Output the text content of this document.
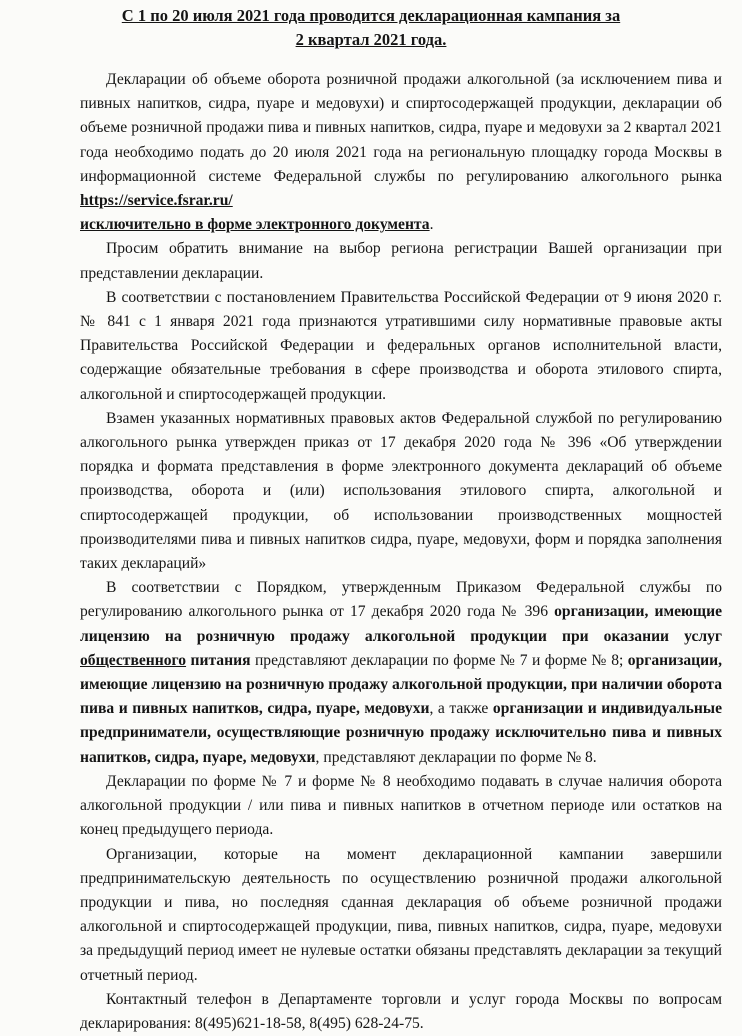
С 1 по 20 июля 2021 года проводится декларационная кампания за
2 квартал 2021 года.

Декларации об объеме оборота розничной продажи алкогольной (за исключением пива и пивных напитков, сидра, пуаре и медовухи) и спиртосодержащей продукции, декларации об объеме розничной продажи пива и пивных напитков, сидра, пуаре и медовухи за 2 квартал 2021 года необходимо подать до 20 июля 2021 года на региональную площадку города Москвы в информационной системе Федеральной службы по регулированию алкогольного рынка https://service.fsrar.ru/
исключительно в форме электронного документа.

Просим обратить внимание на выбор региона регистрации Вашей организации при представлении декларации.

В соответствии с постановлением Правительства Российской Федерации от 9 июня 2020 г. № 841 с 1 января 2021 года признаются утратившими силу нормативные правовые акты Правительства Российской Федерации и федеральных органов исполнительной власти, содержащие обязательные требования в сфере производства и оборота этилового спирта, алкогольной и спиртосодержащей продукции.

Взамен указанных нормативных правовых актов Федеральной службой по регулированию алкогольного рынка утвержден приказ от 17 декабря 2020 года № 396 «Об утверждении порядка и формата представления в форме электронного документа деклараций об объеме производства, оборота и (или) использования этилового спирта, алкогольной и спиртосодержащей продукции, об использовании производственных мощностей производителями пива и пивных напитков сидра, пуаре, медовухи, форм и порядка заполнения таких деклараций»

В соответствии с Порядком, утвержденным Приказом Федеральной службы по регулированию алкогольного рынка от 17 декабря 2020 года № 396 организации, имеющие лицензию на розничную продажу алкогольной продукции при оказании услуг общественного питания представляют декларации по форме № 7 и форме № 8; организации, имеющие лицензию на розничную продажу алкогольной продукции, при наличии оборота пива и пивных напитков, сидра, пуаре, медовухи, а также организации и индивидуальные предприниматели, осуществляющие розничную продажу исключительно пива и пивных напитков, сидра, пуаре, медовухи, представляют декларации по форме № 8.

Декларации по форме № 7 и форме № 8 необходимо подавать в случае наличия оборота алкогольной продукции / или пива и пивных напитков в отчетном периоде или остатков на конец предыдущего периода.

Организации, которые на момент декларационной кампании завершили предпринимательскую деятельность по осуществлению розничной продажи алкогольной продукции и пива, но последняя сданная декларация об объеме розничной продажи алкогольной и спиртосодержащей продукции, пива, пивных напитков, сидра, пуаре, медовухи за предыдущий период имеет не нулевые остатки обязаны представлять декларации за текущий отчетный период.

Контактный телефон в Департаменте торговли и услуг города Москвы по вопросам декларирования: 8(495)621-18-58, 8(495) 628-24-75.
